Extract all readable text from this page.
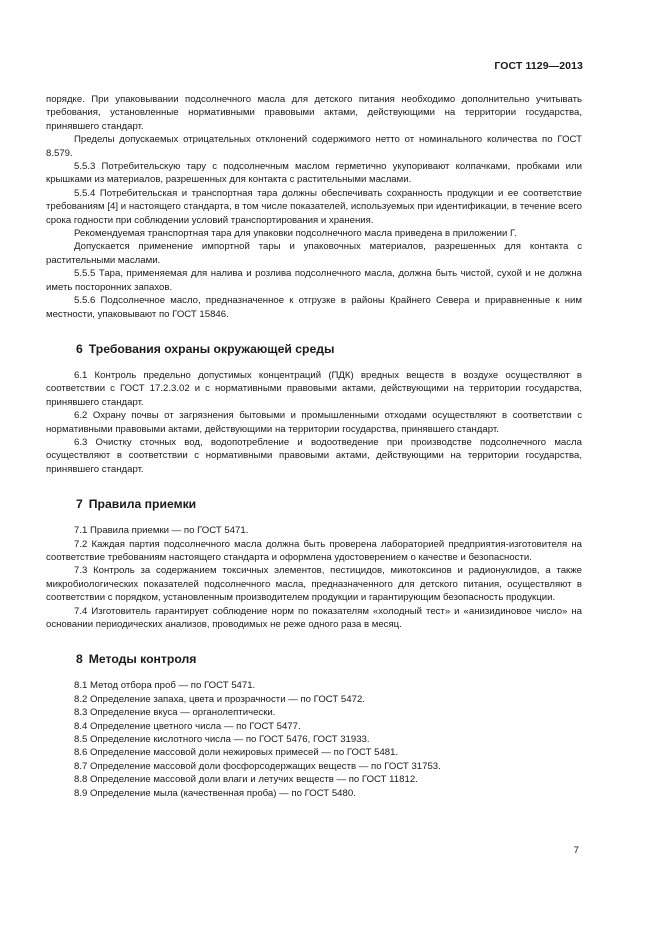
ГОСТ 1129—2013

порядке. При упаковывании подсолнечного масла для детского питания необходимо дополнительно учитывать требования, установленные нормативными правовыми актами, действующими на территории государства, принявшего стандарт.

Пределы допускаемых отрицательных отклонений содержимого нетто от номинального количества по ГОСТ 8.579.

5.5.3 Потребительскую тару с подсолнечным маслом герметично укупоривают колпачками, пробками или крышками из материалов, разрешенных для контакта с растительными маслами.

5.5.4 Потребительская и транспортная тара должны обеспечивать сохранность продукции и ее соответствие требованиям [4] и настоящего стандарта, в том числе показателей, используемых при идентификации, в течение всего срока годности при соблюдении условий транспортирования и хранения.

Рекомендуемая транспортная тара для упаковки подсолнечного масла приведена в приложении Г.

Допускается применение импортной тары и упаковочных материалов, разрешенных для контакта с растительными маслами.

5.5.5 Тара, применяемая для налива и розлива подсолнечного масла, должна быть чистой, сухой и не должна иметь посторонних запахов.

5.5.6 Подсолнечное масло, предназначенное к отгрузке в районы Крайнего Севера и приравненные к ним местности, упаковывают по ГОСТ 15846.

6 Требования охраны окружающей среды

6.1 Контроль предельно допустимых концентраций (ПДК) вредных веществ в воздухе осуществляют в соответствии с ГОСТ 17.2.3.02 и с нормативными правовыми актами, действующими на территории государства, принявшего стандарт.

6.2 Охрану почвы от загрязнения бытовыми и промышленными отходами осуществляют в соответствии с нормативными правовыми актами, действующими на территории государства, принявшего стандарт.

6.3 Очистку сточных вод, водопотребление и водоотведение при производстве подсолнечного масла осуществляют в соответствии с нормативными правовыми актами, действующими на территории государства, принявшего стандарт.

7 Правила приемки

7.1 Правила приемки — по ГОСТ 5471.

7.2 Каждая партия подсолнечного масла должна быть проверена лабораторией предприятия-изготовителя на соответствие требованиям настоящего стандарта и оформлена удостоверением о качестве и безопасности.

7.3 Контроль за содержанием токсичных элементов, пестицидов, микотоксинов и радионуклидов, а также микробиологических показателей подсолнечного масла, предназначенного для детского питания, осуществляют в соответствии с порядком, установленным производителем продукции и гарантирующим безопасность продукции.

7.4 Изготовитель гарантирует соблюдение норм по показателям «холодный тест» и «анизидиновое число» на основании периодических анализов, проводимых не реже одного раза в месяц.

8 Методы контроля

8.1 Метод отбора проб — по ГОСТ 5471.

8.2 Определение запаха, цвета и прозрачности — по ГОСТ 5472.

8.3 Определение вкуса — органолептически.

8.4 Определение цветного числа — по ГОСТ 5477.

8.5 Определение кислотного числа — по ГОСТ 5476, ГОСТ 31933.

8.6 Определение массовой доли нежировых примесей — по ГОСТ 5481.

8.7 Определение массовой доли фосфорсодержащих веществ — по ГОСТ 31753.

8.8 Определение массовой доли влаги и летучих веществ — по ГОСТ 11812.

8.9 Определение мыла (качественная проба) — по ГОСТ 5480.

7
